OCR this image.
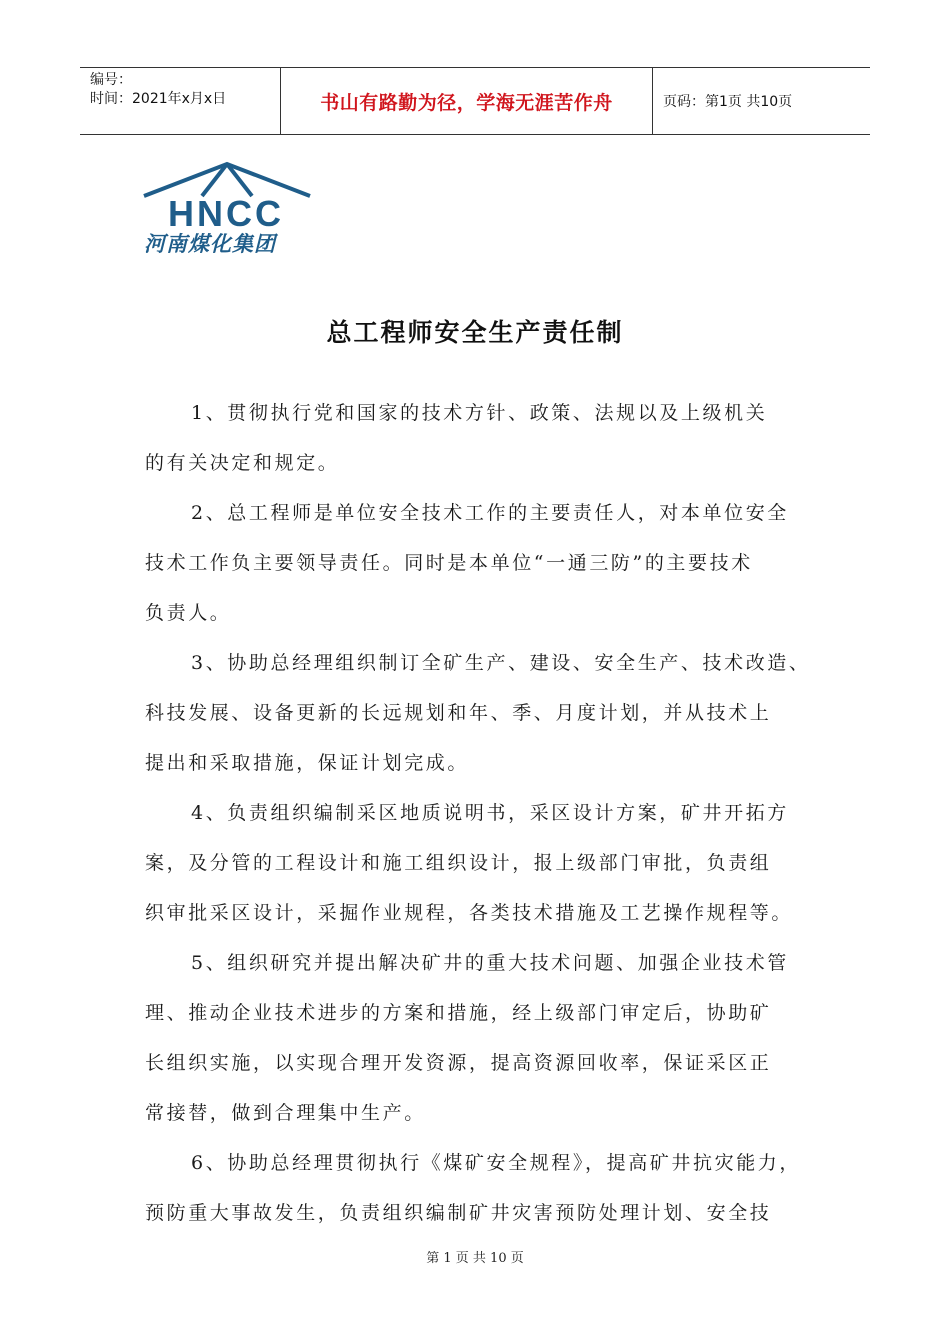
编号：
时间：2021年x月x日	书山有路勤为径，学海无涯苦作舟	页码：第1页 共10页
HNCC
河南煤化集团
总工程师安全生产责任制
1、贯彻执行党和国家的技术方针、政策、法规以及上级机关
的有关决定和规定。
2、总工程师是单位安全技术工作的主要责任人，对本单位安全
技术工作负主要领导责任。同时是本单位“一通三防”的主要技术
负责人。
3、协助总经理组织制订全矿生产、建设、安全生产、技术改造、
科技发展、设备更新的长远规划和年、季、月度计划，并从技术上
提出和采取措施，保证计划完成。
4、负责组织编制采区地质说明书，采区设计方案，矿井开拓方
案，及分管的工程设计和施工组织设计，报上级部门审批，负责组
织审批采区设计，采掘作业规程，各类技术措施及工艺操作规程等。
5、组织研究并提出解决矿井的重大技术问题、加强企业技术管
理、推动企业技术进步的方案和措施，经上级部门审定后，协助矿
长组织实施，以实现合理开发资源，提高资源回收率，保证采区正
常接替，做到合理集中生产。
6、协助总经理贯彻执行《煤矿安全规程》，提高矿井抗灾能力，
预防重大事故发生，负责组织编制矿井灾害预防处理计划、安全技
第 1 页 共 10 页
